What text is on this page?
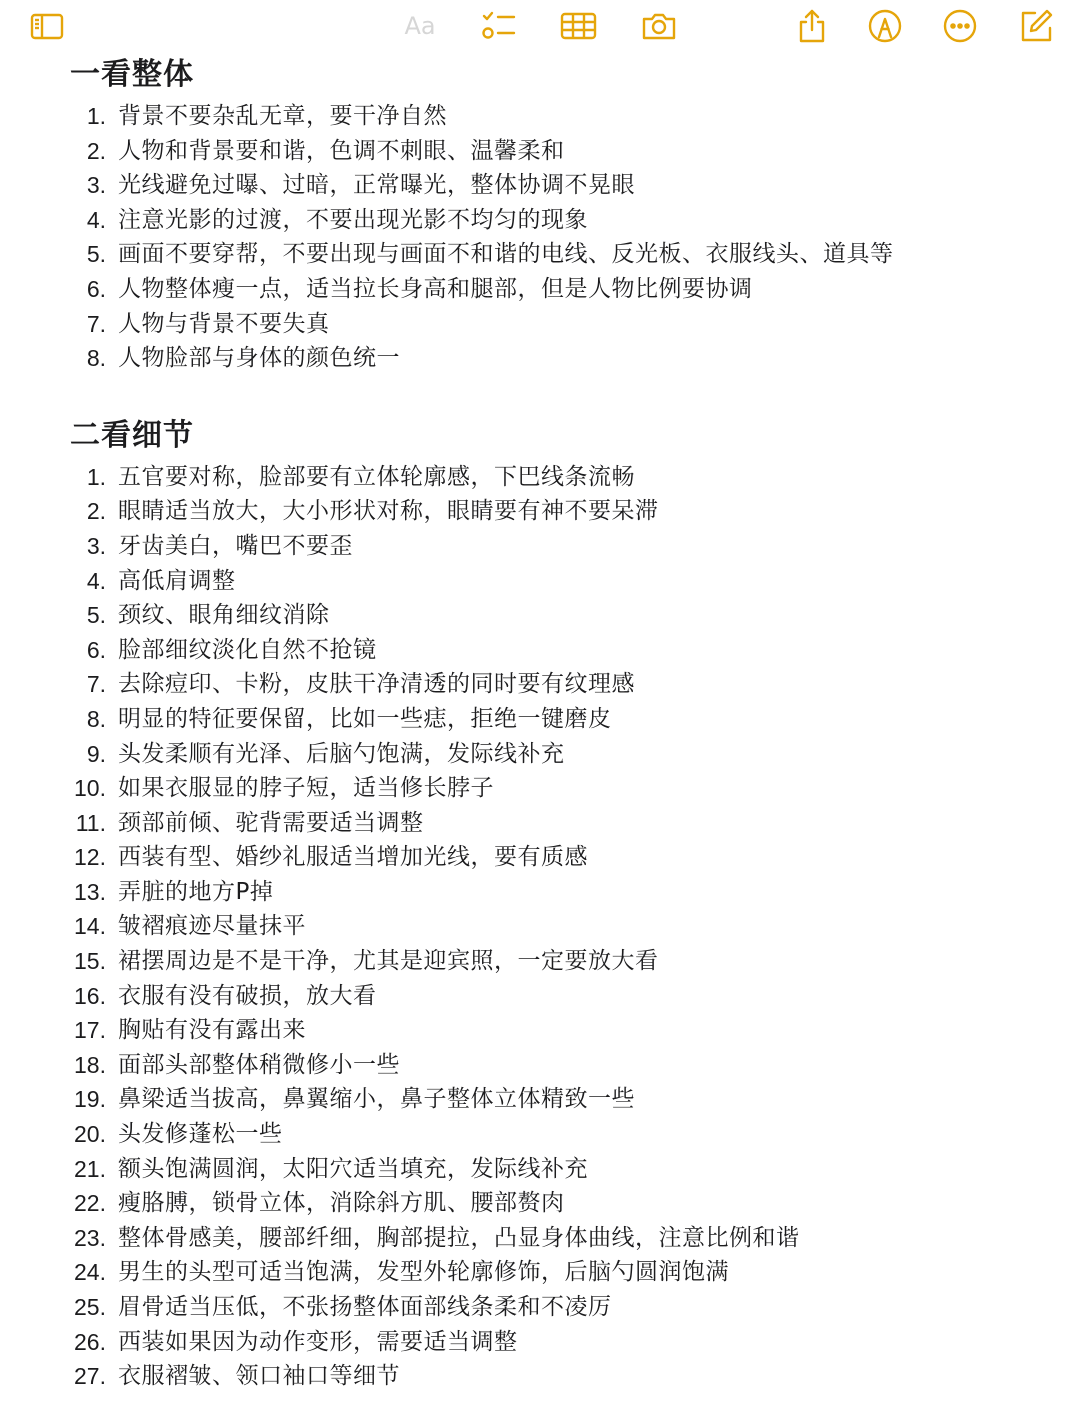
Aa
一看整体
1. 背景不要杂乱无章，要干净自然
2. 人物和背景要和谐，色调不刺眼、温馨柔和
3. 光线避免过曝、过暗，正常曝光，整体协调不晃眼
4. 注意光影的过渡，不要出现光影不均匀的现象
5. 画面不要穿帮，不要出现与画面不和谐的电线、反光板、衣服线头、道具等
6. 人物整体瘦一点，适当拉长身高和腿部，但是人物比例要协调
7. 人物与背景不要失真
8. 人物脸部与身体的颜色统一
二看细节
1. 五官要对称，脸部要有立体轮廓感，下巴线条流畅
2. 眼睛适当放大，大小形状对称，眼睛要有神不要呆滞
3. 牙齿美白，嘴巴不要歪
4. 高低肩调整
5. 颈纹、眼角细纹消除
6. 脸部细纹淡化自然不抢镜
7. 去除痘印、卡粉，皮肤干净清透的同时要有纹理感
8. 明显的特征要保留，比如一些痣，拒绝一键磨皮
9. 头发柔顺有光泽、后脑勺饱满，发际线补充
10. 如果衣服显的脖子短，适当修长脖子
11. 颈部前倾、驼背需要适当调整
12. 西装有型、婚纱礼服适当增加光线，要有质感
13. 弄脏的地方P掉
14. 皱褶痕迹尽量抹平
15. 裙摆周边是不是干净，尤其是迎宾照，一定要放大看
16. 衣服有没有破损，放大看
17. 胸贴有没有露出来
18. 面部头部整体稍微修小一些
19. 鼻梁适当拔高，鼻翼缩小，鼻子整体立体精致一些
20. 头发修蓬松一些
21. 额头饱满圆润，太阳穴适当填充，发际线补充
22. 瘦胳膊，锁骨立体，消除斜方肌、腰部赘肉
23. 整体骨感美，腰部纤细，胸部提拉，凸显身体曲线，注意比例和谐
24. 男生的头型可适当饱满，发型外轮廓修饰，后脑勺圆润饱满
25. 眉骨适当压低，不张扬整体面部线条柔和不凌厉
26. 西装如果因为动作变形，需要适当调整
27. 衣服褶皱、领口袖口等细节
